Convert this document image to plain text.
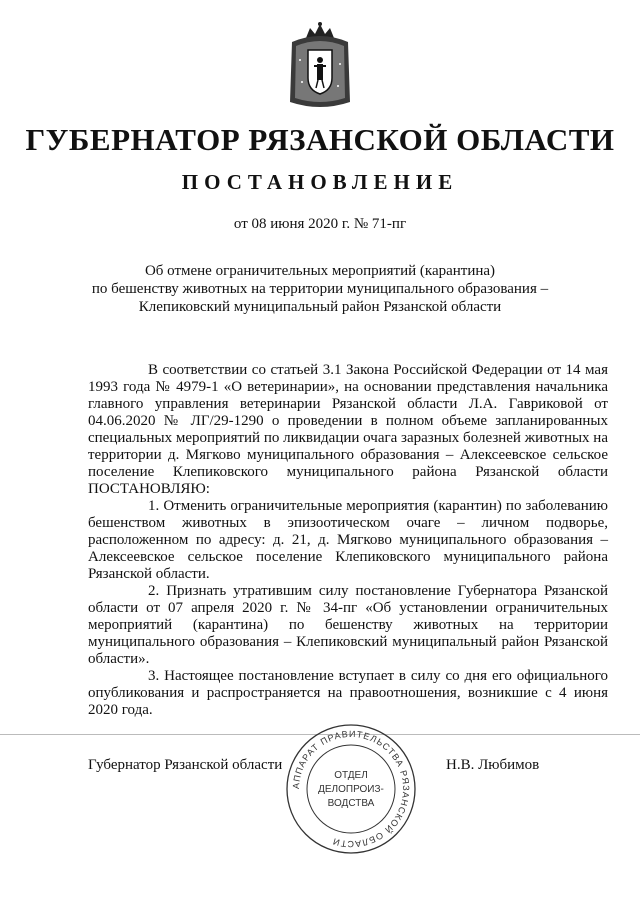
ГУБЕРНАТОР РЯЗАНСКОЙ ОБЛАСТИ
ПОСТАНОВЛЕНИЕ
от 08 июня 2020 г. № 71-пг
Об отмене ограничительных мероприятий (карантина)
по бешенству животных на территории муниципального образования –
Клепиковский муниципальный район Рязанской области

В соответствии со статьей 3.1 Закона Российской Федерации от 14 мая 1993 года № 4979-1 «О ветеринарии», на основании представления начальника главного управления ветеринарии Рязанской области Л.А. Гавриковой от 04.06.2020 № ЛГ/29-1290 о проведении в полном объеме запланированных специальных мероприятий по ликвидации очага заразных болезней животных на территории д. Мягково муниципального образования – Алексеевское сельское поселение Клепиковского муниципального района Рязанской области ПОСТАНОВЛЯЮ:

1. Отменить ограничительные мероприятия (карантин) по заболеванию бешенством животных в эпизоотическом очаге – личном подворье, расположенном по адресу: д. 21, д. Мягково муниципального образования – Алексеевское сельское поселение Клепиковского муниципального района Рязанской области.

2. Признать утратившим силу постановление Губернатора Рязанской области от 07 апреля 2020 г. № 34-пг «Об установлении ограничительных мероприятий (карантина) по бешенству животных на территории муниципального образования – Клепиковский муниципальный район Рязанской области».

3. Настоящее постановление вступает в силу со дня его официального опубликования и распространяется на правоотношения, возникшие с 4 июня 2020 года.

Губернатор Рязанской области	Н.В. Любимов
АППАРАТ ПРАВИТЕЛЬСТВА РЯЗАНСКОЙ ОБЛАСТИ
ОТДЕЛ
ДЕЛОПРОИЗ-
ВОДСТВА
